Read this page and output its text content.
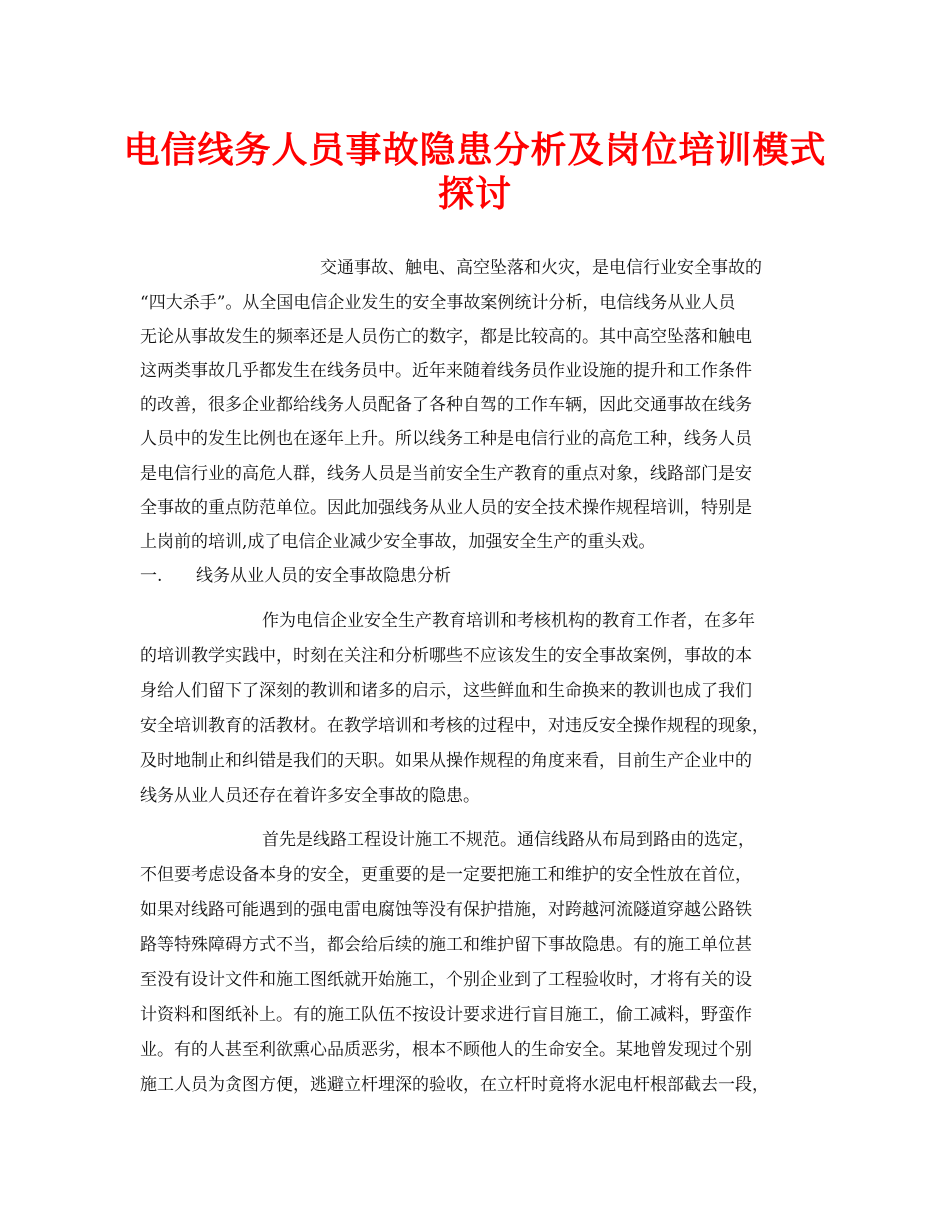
电信线务人员事故隐患分析及岗位培训模式
探讨
交通事故、触电、高空坠落和火灾，是电信行业安全事故的
“四大杀手”。从全国电信企业发生的安全事故案例统计分析，电信线务从业人员
无论从事故发生的频率还是人员伤亡的数字，都是比较高的。其中高空坠落和触电
这两类事故几乎都发生在线务员中。近年来随着线务员作业设施的提升和工作条件
的改善，很多企业都给线务人员配备了各种自驾的工作车辆，因此交通事故在线务
人员中的发生比例也在逐年上升。所以线务工种是电信行业的高危工种，线务人员
是电信行业的高危人群，线务人员是当前安全生产教育的重点对象，线路部门是安
全事故的重点防范单位。因此加强线务从业人员的安全技术操作规程培训，特别是
上岗前的培训,成了电信企业减少安全事故，加强安全生产的重头戏。
一. 线务从业人员的安全事故隐患分析
作为电信企业安全生产教育培训和考核机构的教育工作者，在多年
的培训教学实践中，时刻在关注和分析哪些不应该发生的安全事故案例，事故的本
身给人们留下了深刻的教训和诸多的启示，这些鲜血和生命换来的教训也成了我们
安全培训教育的活教材。在教学培训和考核的过程中，对违反安全操作规程的现象，
及时地制止和纠错是我们的天职。如果从操作规程的角度来看，目前生产企业中的
线务从业人员还存在着许多安全事故的隐患。
首先是线路工程设计施工不规范。通信线路从布局到路由的选定，
不但要考虑设备本身的安全，更重要的是一定要把施工和维护的安全性放在首位，
如果对线路可能遇到的强电雷电腐蚀等没有保护措施，对跨越河流隧道穿越公路铁
路等特殊障碍方式不当，都会给后续的施工和维护留下事故隐患。有的施工单位甚
至没有设计文件和施工图纸就开始施工，个别企业到了工程验收时，才将有关的设
计资料和图纸补上。有的施工队伍不按设计要求进行盲目施工，偷工减料，野蛮作
业。有的人甚至利欲熏心品质恶劣，根本不顾他人的生命安全。某地曾发现过个别
施工人员为贪图方便，逃避立杆埋深的验收，在立杆时竟将水泥电杆根部截去一段，
